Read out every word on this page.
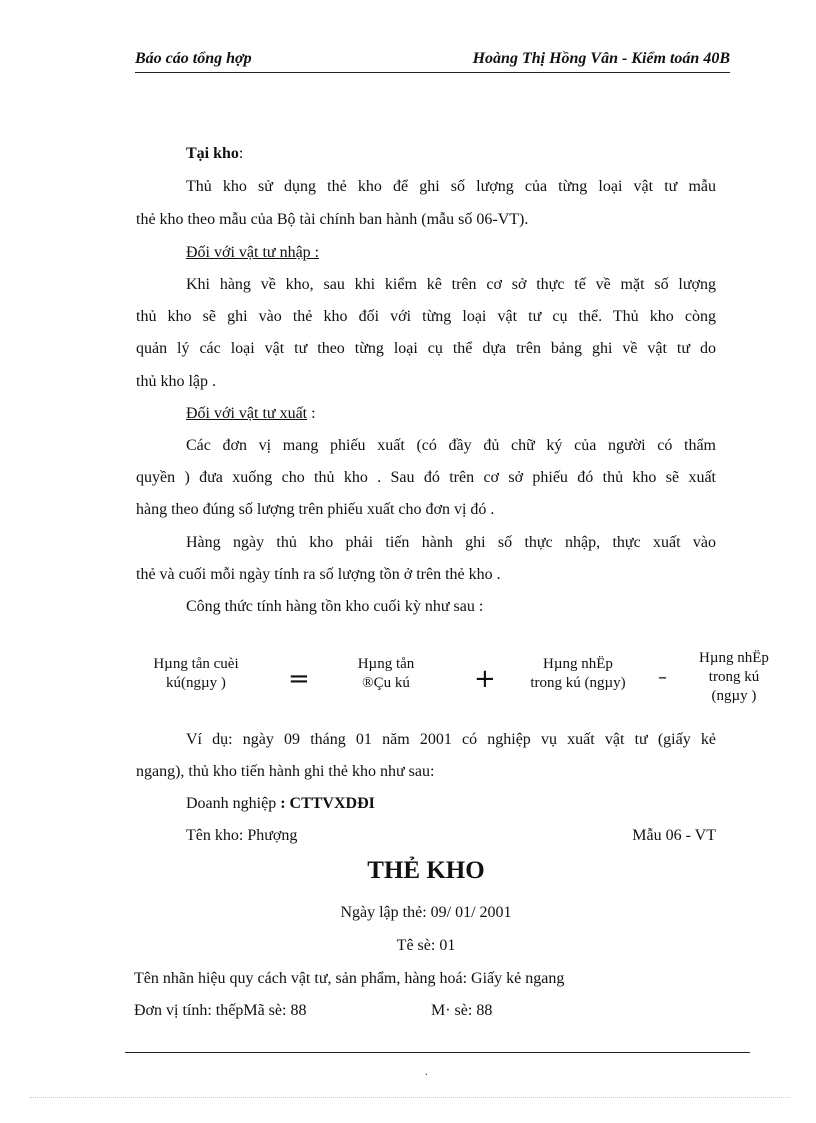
Báo cáo tổng hợp	Hoàng Thị Hồng Vân - Kiểm toán 40B
Tại kho:
Thủ kho sử dụng thẻ kho để ghi số lượng của từng loại vật tư mẫu
thẻ kho theo mẫu của Bộ tài chính ban hành (mẫu số 06-VT).
Đối với vật tư nhập :
Khi hàng về kho, sau khi kiểm kê trên cơ sở thực tế về mặt số lượng
thủ kho sẽ ghi vào thẻ kho đối với từng loại vật tư cụ thể. Thủ kho còng
quản lý các loại vật tư theo từng loại cụ thể dựa trên bảng ghi về vật tư do
thủ kho lập .
Đối với vật tư xuất :
Các đơn vị mang phiếu xuất (có đầy đủ chữ ký của người có thẩm
quyền ) đưa xuống cho thủ kho . Sau đó trên cơ sở phiếu đó thủ kho sẽ xuất
hàng theo đúng số lượng trên phiếu xuất cho đơn vị đó .
Hàng ngày thủ kho phải tiến hành ghi số thực nhập, thực xuất vào
thẻ và cuối mỗi ngày tính ra số lượng tồn ở trên thẻ kho .
Công thức tính hàng tồn kho cuối kỳ như sau :
Hµng tån cuèi
kú(ngµy )	=	Hµng tån
®Çu kú	+	Hµng nhËp
trong kú (ngµy)	–
Hµng nhËp
trong kú
(ngµy )
Ví dụ: ngày 09 tháng 01 năm 2001 có nghiệp vụ xuất vật tư (giấy kẻ
ngang), thủ kho tiến hành ghi thẻ kho như sau:
Doanh nghiệp : CTTVXDĐI
Tên kho: Phượng	Mẫu 06 - VT
THẺ KHO
Ngày lập thẻ: 09/ 01/ 2001
Tê sè: 01
Tên nhãn hiệu quy cách vật tư, sản phẩm, hàng hoá: Giấy kẻ ngang
Đơn vị tính: thếpMã sè: 88	M· sè: 88
.
